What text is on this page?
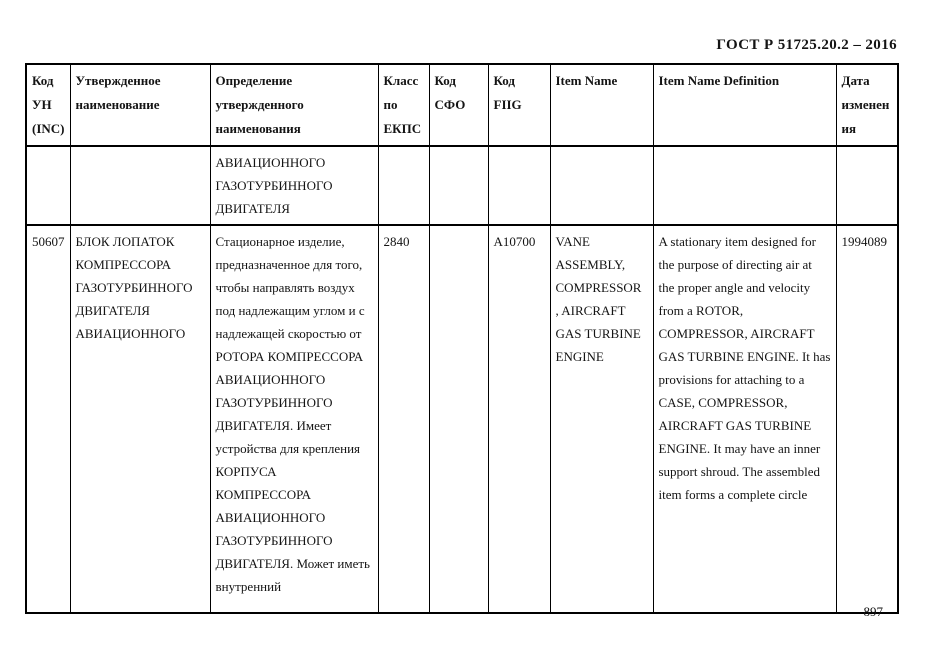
ГОСТ Р 51725.20.2 – 2016
Код УН (INC)	Утвержденное наименование	Определение утвержденного наименования	Класс по ЕКПС	Код СФО	Код FIIG	Item Name	Item Name Definition	Дата изменения
		АВИАЦИОННОГО ГАЗОТУРБИННОГО ДВИГАТЕЛЯ						
50607	БЛОК ЛОПАТОК КОМПРЕССОРА ГАЗОТУРБИННОГО ДВИГАТЕЛЯ АВИАЦИОННОГО	Стационарное изделие, предназначенное для того, чтобы направлять воздух под надлежащим углом и с надлежащей скоростью от РОТОРА КОМПРЕССОРА АВИАЦИОННОГО ГАЗОТУРБИННОГО ДВИГАТЕЛЯ. Имеет устройства для крепления КОРПУСА КОМПРЕССОРА АВИАЦИОННОГО ГАЗОТУРБИННОГО ДВИГАТЕЛЯ. Может иметь внутренний	2840		A10700	VANE ASSEMBLY, COMPRESSOR , AIRCRAFT GAS TURBINE ENGINE	A stationary item designed for the purpose of directing air at the proper angle and velocity from a ROTOR, COMPRESSOR, AIRCRAFT GAS TURBINE ENGINE. It has provisions for attaching to a CASE, COMPRESSOR, AIRCRAFT GAS TURBINE ENGINE. It may have an inner support shroud. The assembled item forms a complete circle	1994089
897
